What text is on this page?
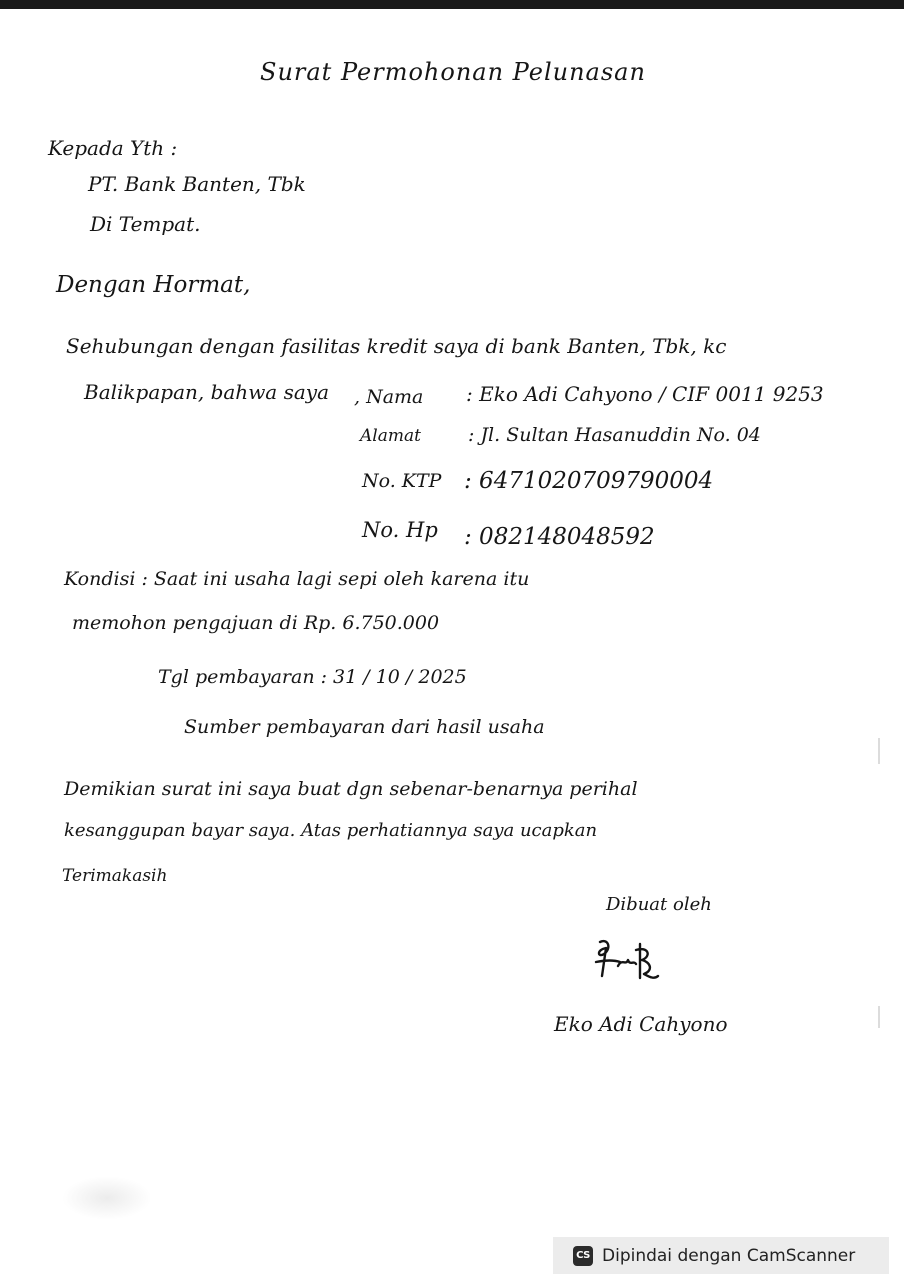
Surat Permohonan Pelunasan
Kepada Yth :
PT. Bank Banten, Tbk
Di Tempat.
Dengan Hormat,
Sehubungan dengan fasilitas kredit saya di bank Banten, Tbk, kc
Balikpapan, bahwa saya , Nama : Eko Adi Cahyono / CIF 0011 9253
Alamat : Jl. Sultan Hasanuddin No. 04
No. KTP : 6471020709790004
No. Hp : 082148048592
Kondisi : Saat ini usaha lagi sepi oleh karena itu
memohon pengajuan di Rp. 6.750.000
Tgl pembayaran : 31 / 10 / 2025
Sumber pembayaran dari hasil usaha
Demikian surat ini saya buat dgn sebenar-benarnya perihal
kesanggupan bayar saya. Atas perhatiannya saya ucapkan
Terimakasih
Dibuat oleh
Eko Adi Cahyono
CS Dipindai dengan CamScanner
